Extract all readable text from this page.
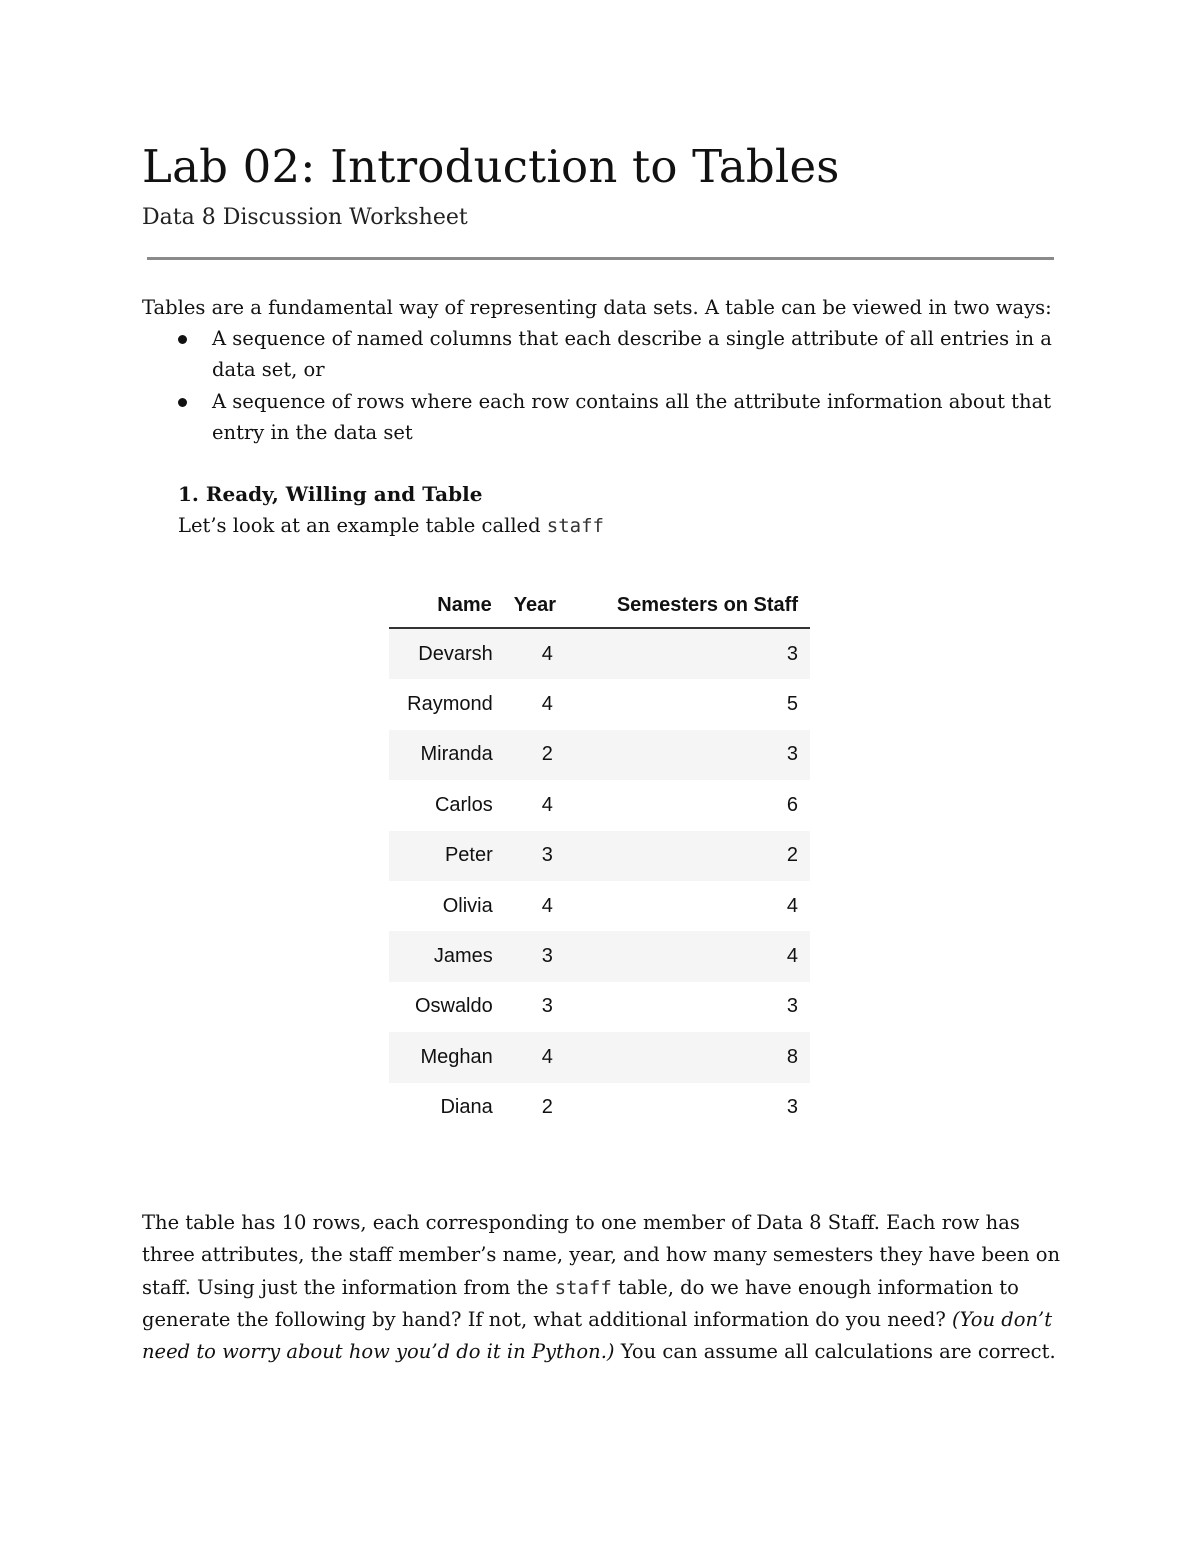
Lab 02: Introduction to Tables

Data 8 Discussion Worksheet

Tables are a fundamental way of representing data sets. A table can be viewed in two ways:

A sequence of named columns that each describe a single attribute of all entries in a data set, or
A sequence of rows where each row contains all the attribute information about that entry in the data set
1. Ready, Willing and Table

Let’s look at an example table called staff

Name	Year	Semesters on Staff
Devarsh	4	3
Raymond	4	5
Miranda	2	3
Carlos	4	6
Peter	3	2
Olivia	4	4
James	3	4
Oswaldo	3	3
Meghan	4	8
Diana	2	3

The table has 10 rows, each corresponding to one member of Data 8 Staff. Each row has three attributes, the staff member’s name, year, and how many semesters they have been on staff. Using just the information from the staff table, do we have enough information to generate the following by hand? If not, what additional information do you need? (You don’t need to worry about how you’d do it in Python.) You can assume all calculations are correct.
